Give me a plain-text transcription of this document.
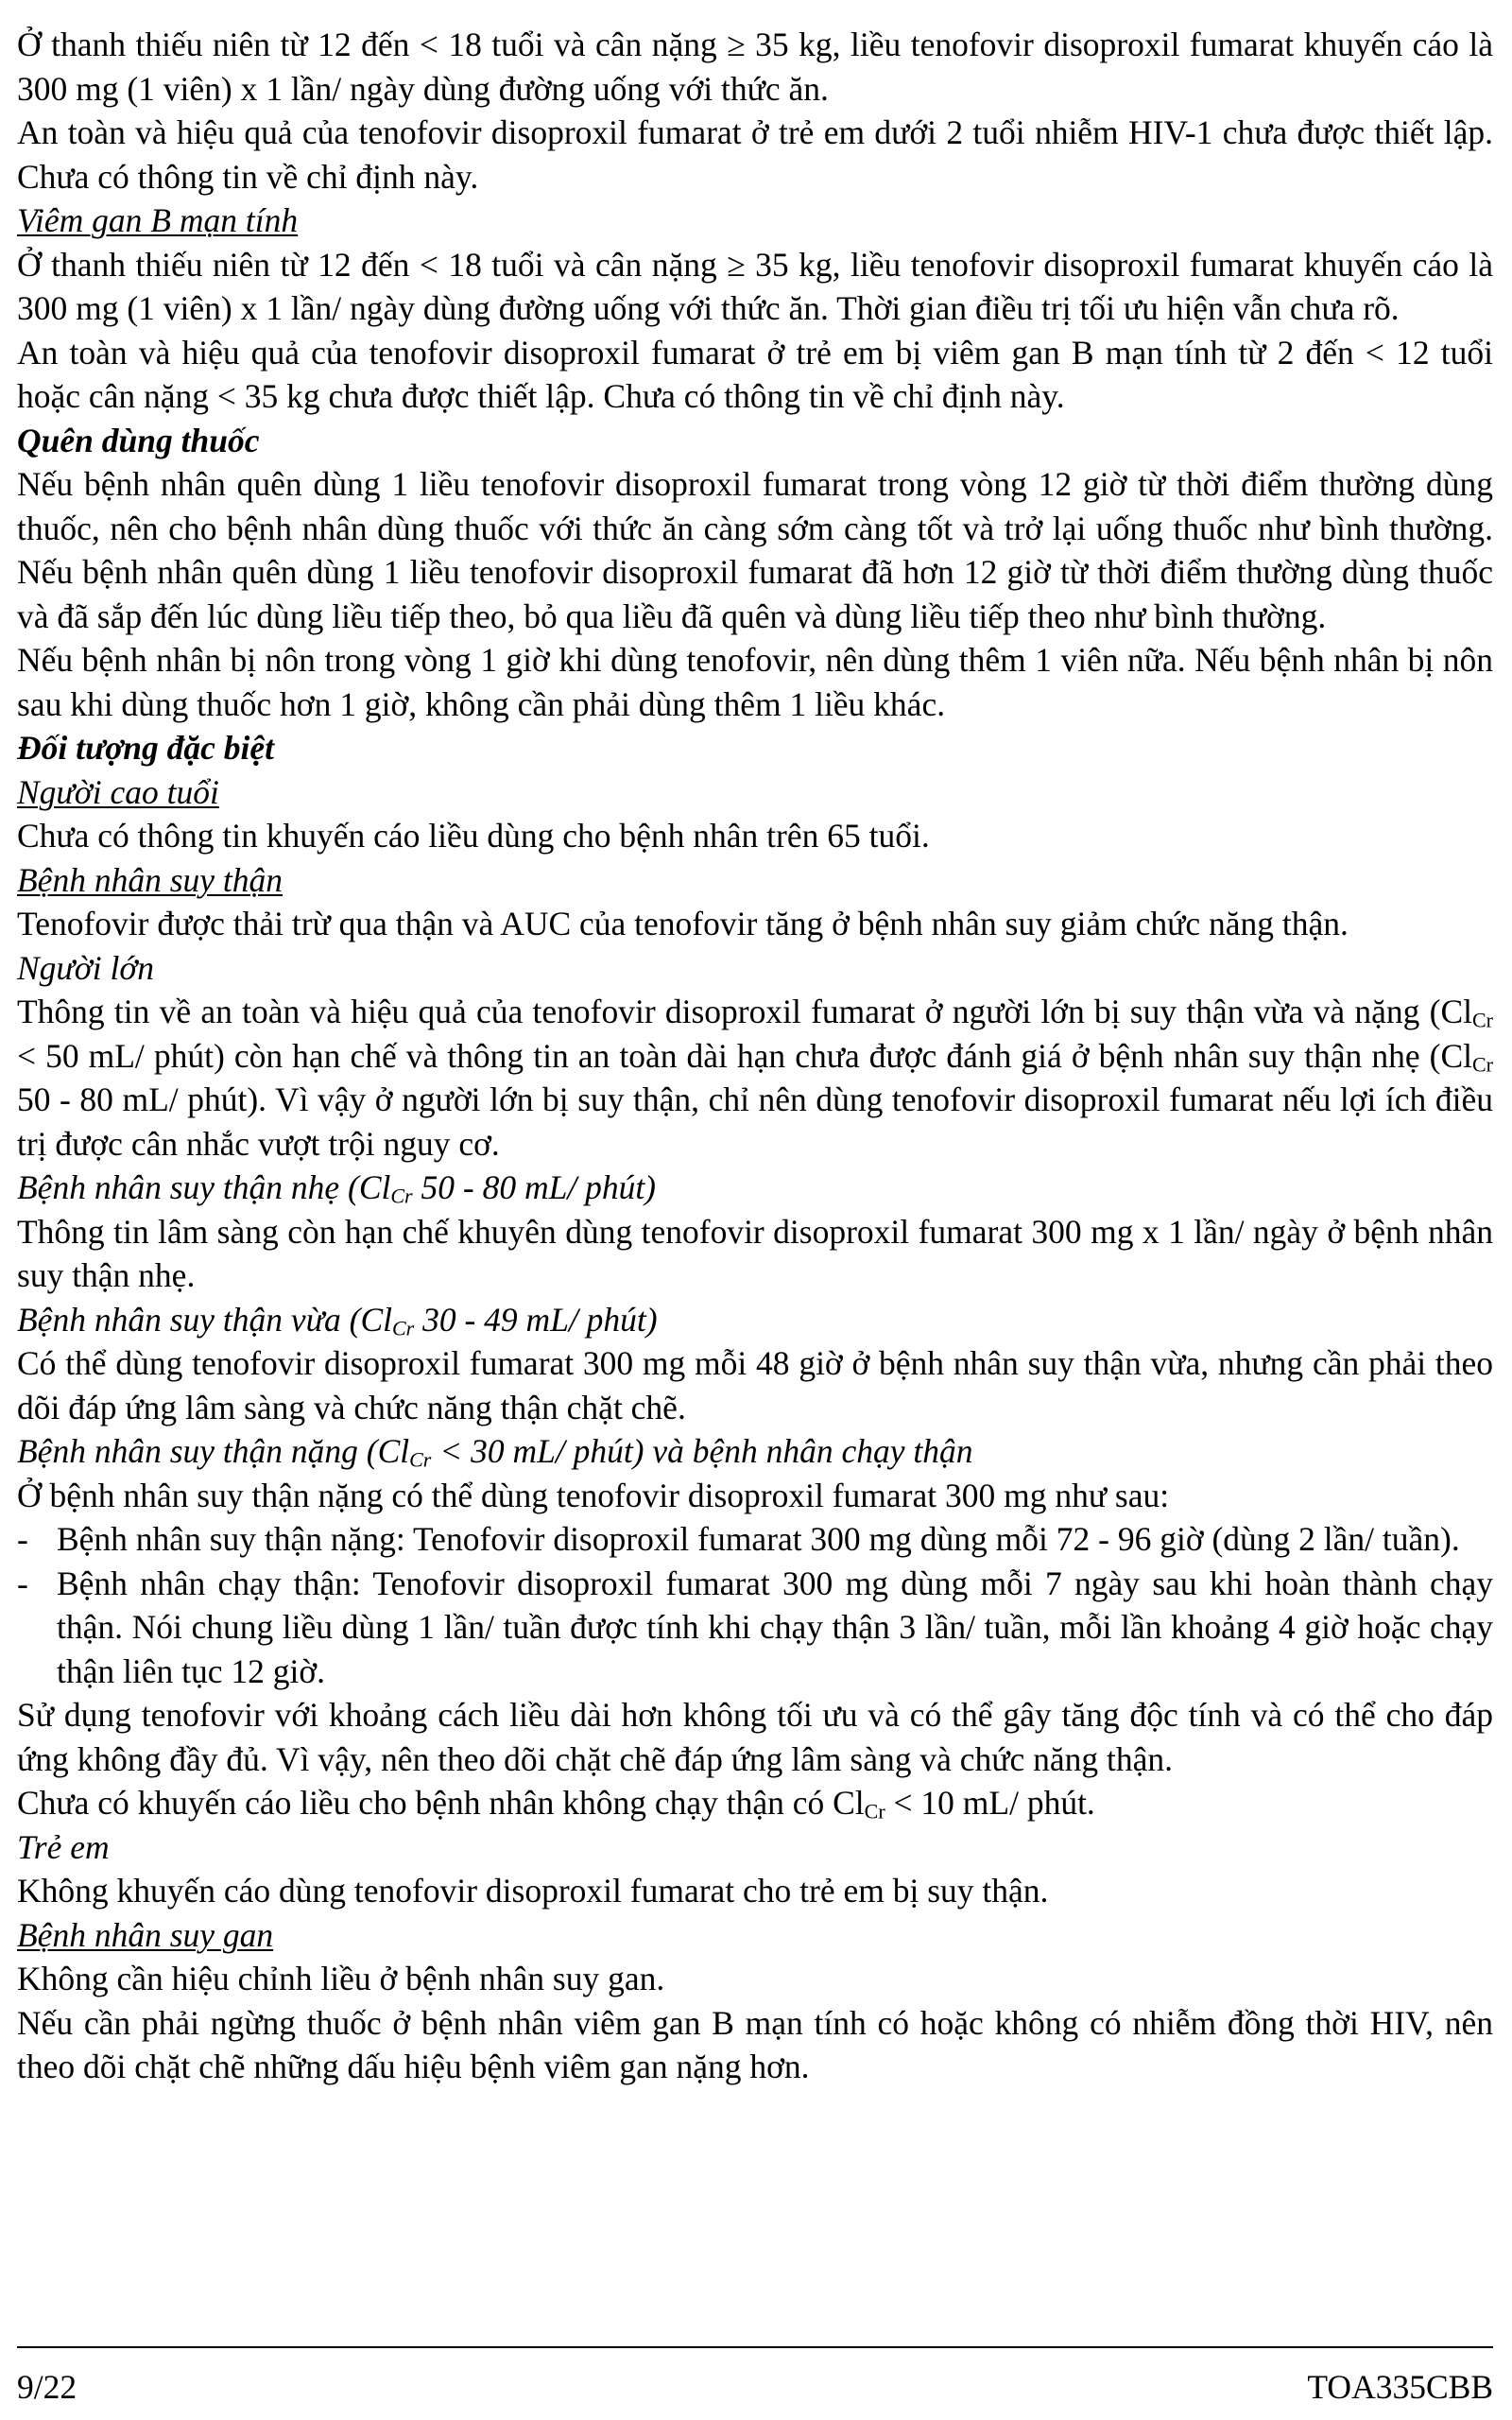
Ở thanh thiếu niên từ 12 đến < 18 tuổi và cân nặng ≥ 35 kg, liều tenofovir disoproxil fumarat khuyến cáo là 300 mg (1 viên) x 1 lần/ ngày dùng đường uống với thức ăn.

An toàn và hiệu quả của tenofovir disoproxil fumarat ở trẻ em dưới 2 tuổi nhiễm HIV-1 chưa được thiết lập. Chưa có thông tin về chỉ định này.

Viêm gan B mạn tính

Ở thanh thiếu niên từ 12 đến < 18 tuổi và cân nặng ≥ 35 kg, liều tenofovir disoproxil fumarat khuyến cáo là 300 mg (1 viên) x 1 lần/ ngày dùng đường uống với thức ăn. Thời gian điều trị tối ưu hiện vẫn chưa rõ.

An toàn và hiệu quả của tenofovir disoproxil fumarat ở trẻ em bị viêm gan B mạn tính từ 2 đến < 12 tuổi hoặc cân nặng < 35 kg chưa được thiết lập. Chưa có thông tin về chỉ định này.

Quên dùng thuốc

Nếu bệnh nhân quên dùng 1 liều tenofovir disoproxil fumarat trong vòng 12 giờ từ thời điểm thường dùng thuốc, nên cho bệnh nhân dùng thuốc với thức ăn càng sớm càng tốt và trở lại uống thuốc như bình thường. Nếu bệnh nhân quên dùng 1 liều tenofovir disoproxil fumarat đã hơn 12 giờ từ thời điểm thường dùng thuốc và đã sắp đến lúc dùng liều tiếp theo, bỏ qua liều đã quên và dùng liều tiếp theo như bình thường.

Nếu bệnh nhân bị nôn trong vòng 1 giờ khi dùng tenofovir, nên dùng thêm 1 viên nữa. Nếu bệnh nhân bị nôn sau khi dùng thuốc hơn 1 giờ, không cần phải dùng thêm 1 liều khác.

Đối tượng đặc biệt

Người cao tuổi

Chưa có thông tin khuyến cáo liều dùng cho bệnh nhân trên 65 tuổi.

Bệnh nhân suy thận

Tenofovir được thải trừ qua thận và AUC của tenofovir tăng ở bệnh nhân suy giảm chức năng thận.

Người lớn

Thông tin về an toàn và hiệu quả của tenofovir disoproxil fumarat ở người lớn bị suy thận vừa và nặng ($Cl_{Cr} < 50$ mL/ phút) còn hạn chế và thông tin an toàn dài hạn chưa được đánh giá ở bệnh nhân suy thận nhẹ ($Cl_{Cr}$ 50 - 80 mL/ phút). Vì vậy ở người lớn bị suy thận, chỉ nên dùng tenofovir disoproxil fumarat nếu lợi ích điều trị được cân nhắc vượt trội nguy cơ.

Bệnh nhân suy thận nhẹ ($Cl_{Cr}$ 50 - 80 mL/ phút)

Thông tin lâm sàng còn hạn chế khuyên dùng tenofovir disoproxil fumarat 300 mg x 1 lần/ ngày ở bệnh nhân suy thận nhẹ.

Bệnh nhân suy thận vừa ($Cl_{Cr}$ 30 - 49 mL/ phút)

Có thể dùng tenofovir disoproxil fumarat 300 mg mỗi 48 giờ ở bệnh nhân suy thận vừa, nhưng cần phải theo dõi đáp ứng lâm sàng và chức năng thận chặt chẽ.

Bệnh nhân suy thận nặng ($Cl_{Cr} < 30$ mL/ phút) và bệnh nhân chạy thận

Ở bệnh nhân suy thận nặng có thể dùng tenofovir disoproxil fumarat 300 mg như sau:

- Bệnh nhân suy thận nặng: Tenofovir disoproxil fumarat 300 mg dùng mỗi 72 - 96 giờ (dùng 2 lần/ tuần).

- Bệnh nhân chạy thận: Tenofovir disoproxil fumarat 300 mg dùng mỗi 7 ngày sau khi hoàn thành chạy thận. Nói chung liều dùng 1 lần/ tuần được tính khi chạy thận 3 lần/ tuần, mỗi lần khoảng 4 giờ hoặc chạy thận liên tục 12 giờ.

Sử dụng tenofovir với khoảng cách liều dài hơn không tối ưu và có thể gây tăng độc tính và có thể cho đáp ứng không đầy đủ. Vì vậy, nên theo dõi chặt chẽ đáp ứng lâm sàng và chức năng thận.

Chưa có khuyến cáo liều cho bệnh nhân không chạy thận có $Cl_{Cr} < 10$ mL/ phút.

Trẻ em

Không khuyến cáo dùng tenofovir disoproxil fumarat cho trẻ em bị suy thận.

Bệnh nhân suy gan

Không cần hiệu chỉnh liều ở bệnh nhân suy gan.

Nếu cần phải ngừng thuốc ở bệnh nhân viêm gan B mạn tính có hoặc không có nhiễm đồng thời HIV, nên theo dõi chặt chẽ những dấu hiệu bệnh viêm gan nặng hơn.

9/22	TOA335CBB
